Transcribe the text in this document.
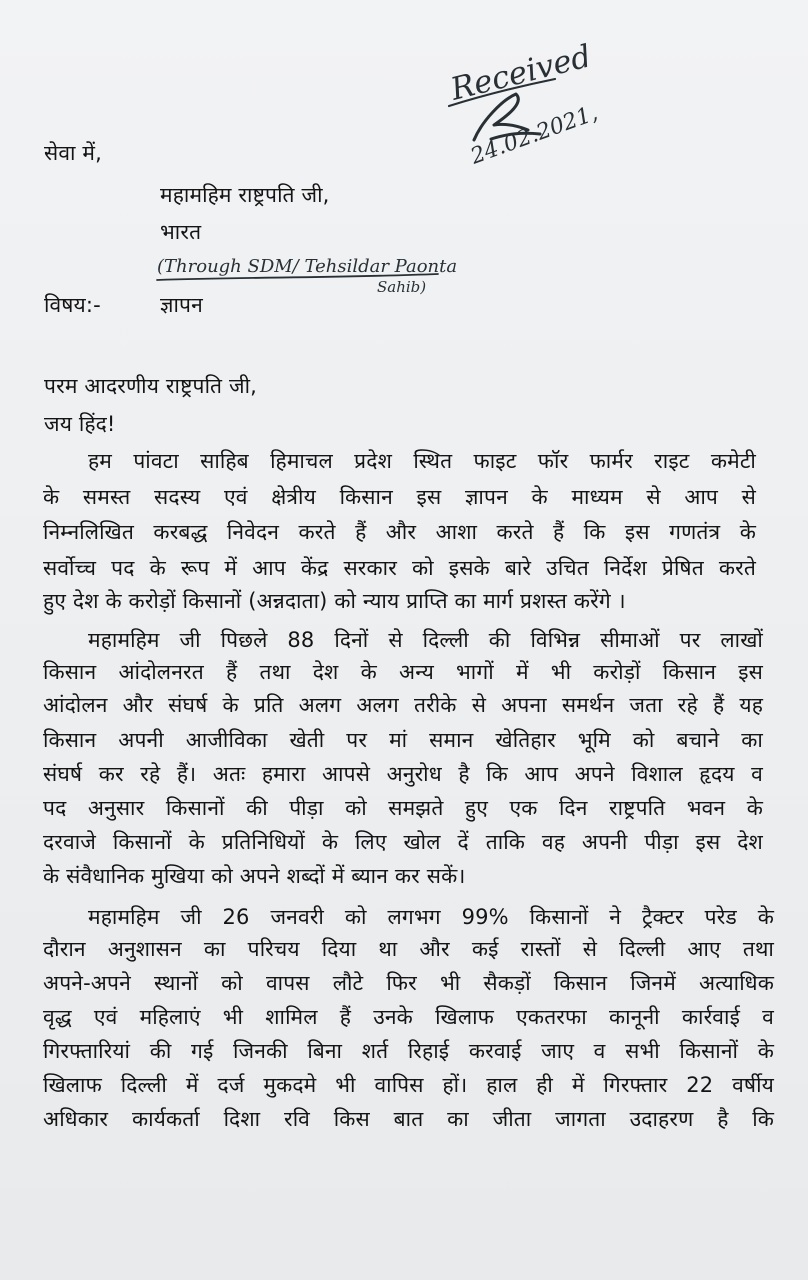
सेवा में,
महामहिम राष्ट्रपति जी,
भारत
विषय:-	ज्ञापन
परम आदरणीय राष्ट्रपति जी,
जय हिंद!
हम पांवटा साहिब हिमाचल प्रदेश स्थित फाइट फॉर फार्मर राइट कमेटी
के समस्त सदस्य एवं क्षेत्रीय किसान इस ज्ञापन के माध्यम से आप से
निम्नलिखित करबद्ध निवेदन करते हैं और आशा करते हैं कि इस गणतंत्र के
सर्वोच्च पद के रूप में आप केंद्र सरकार को इसके बारे उचित निर्देश प्रेषित करते
हुए देश के करोड़ों किसानों (अन्नदाता) को न्याय प्राप्ति का मार्ग प्रशस्त करेंगे ।
महामहिम जी पिछले 88 दिनों से दिल्ली की विभिन्न सीमाओं पर लाखों
किसान आंदोलनरत हैं तथा देश के अन्य भागों में भी करोड़ों किसान इस
आंदोलन और संघर्ष के प्रति अलग अलग तरीके से अपना समर्थन जता रहे हैं यह
किसान अपनी आजीविका खेती पर मां समान खेतिहार भूमि को बचाने का
संघर्ष कर रहे हैं। अतः हमारा आपसे अनुरोध है कि आप अपने विशाल हृदय व
पद अनुसार किसानों की पीड़ा को समझते हुए एक दिन राष्ट्रपति भवन के
दरवाजे किसानों के प्रतिनिधियों के लिए खोल दें ताकि वह अपनी पीड़ा इस देश
के संवैधानिक मुखिया को अपने शब्दों में ब्यान कर सकें।
महामहिम जी 26 जनवरी को लगभग 99% किसानों ने ट्रैक्टर परेड के
दौरान अनुशासन का परिचय दिया था और कई रास्तों से दिल्ली आए तथा
अपने-अपने स्थानों को वापस लौटे फिर भी सैकड़ों किसान जिनमें अत्याधिक
वृद्ध एवं महिलाएं भी शामिल हैं उनके खिलाफ एकतरफा कानूनी कार्रवाई व
गिरफ्तारियां की गई जिनकी बिना शर्त रिहाई करवाई जाए व सभी किसानों के
खिलाफ दिल्ली में दर्ज मुकदमे भी वापिस हों। हाल ही में गिरफ्तार 22 वर्षीय
अधिकार कार्यकर्ता दिशा रवि किस बात का जीता जागता उदाहरण है कि
Received
24.02.2021,
(Through SDM/ Tehsildar Paonta
Sahib)
